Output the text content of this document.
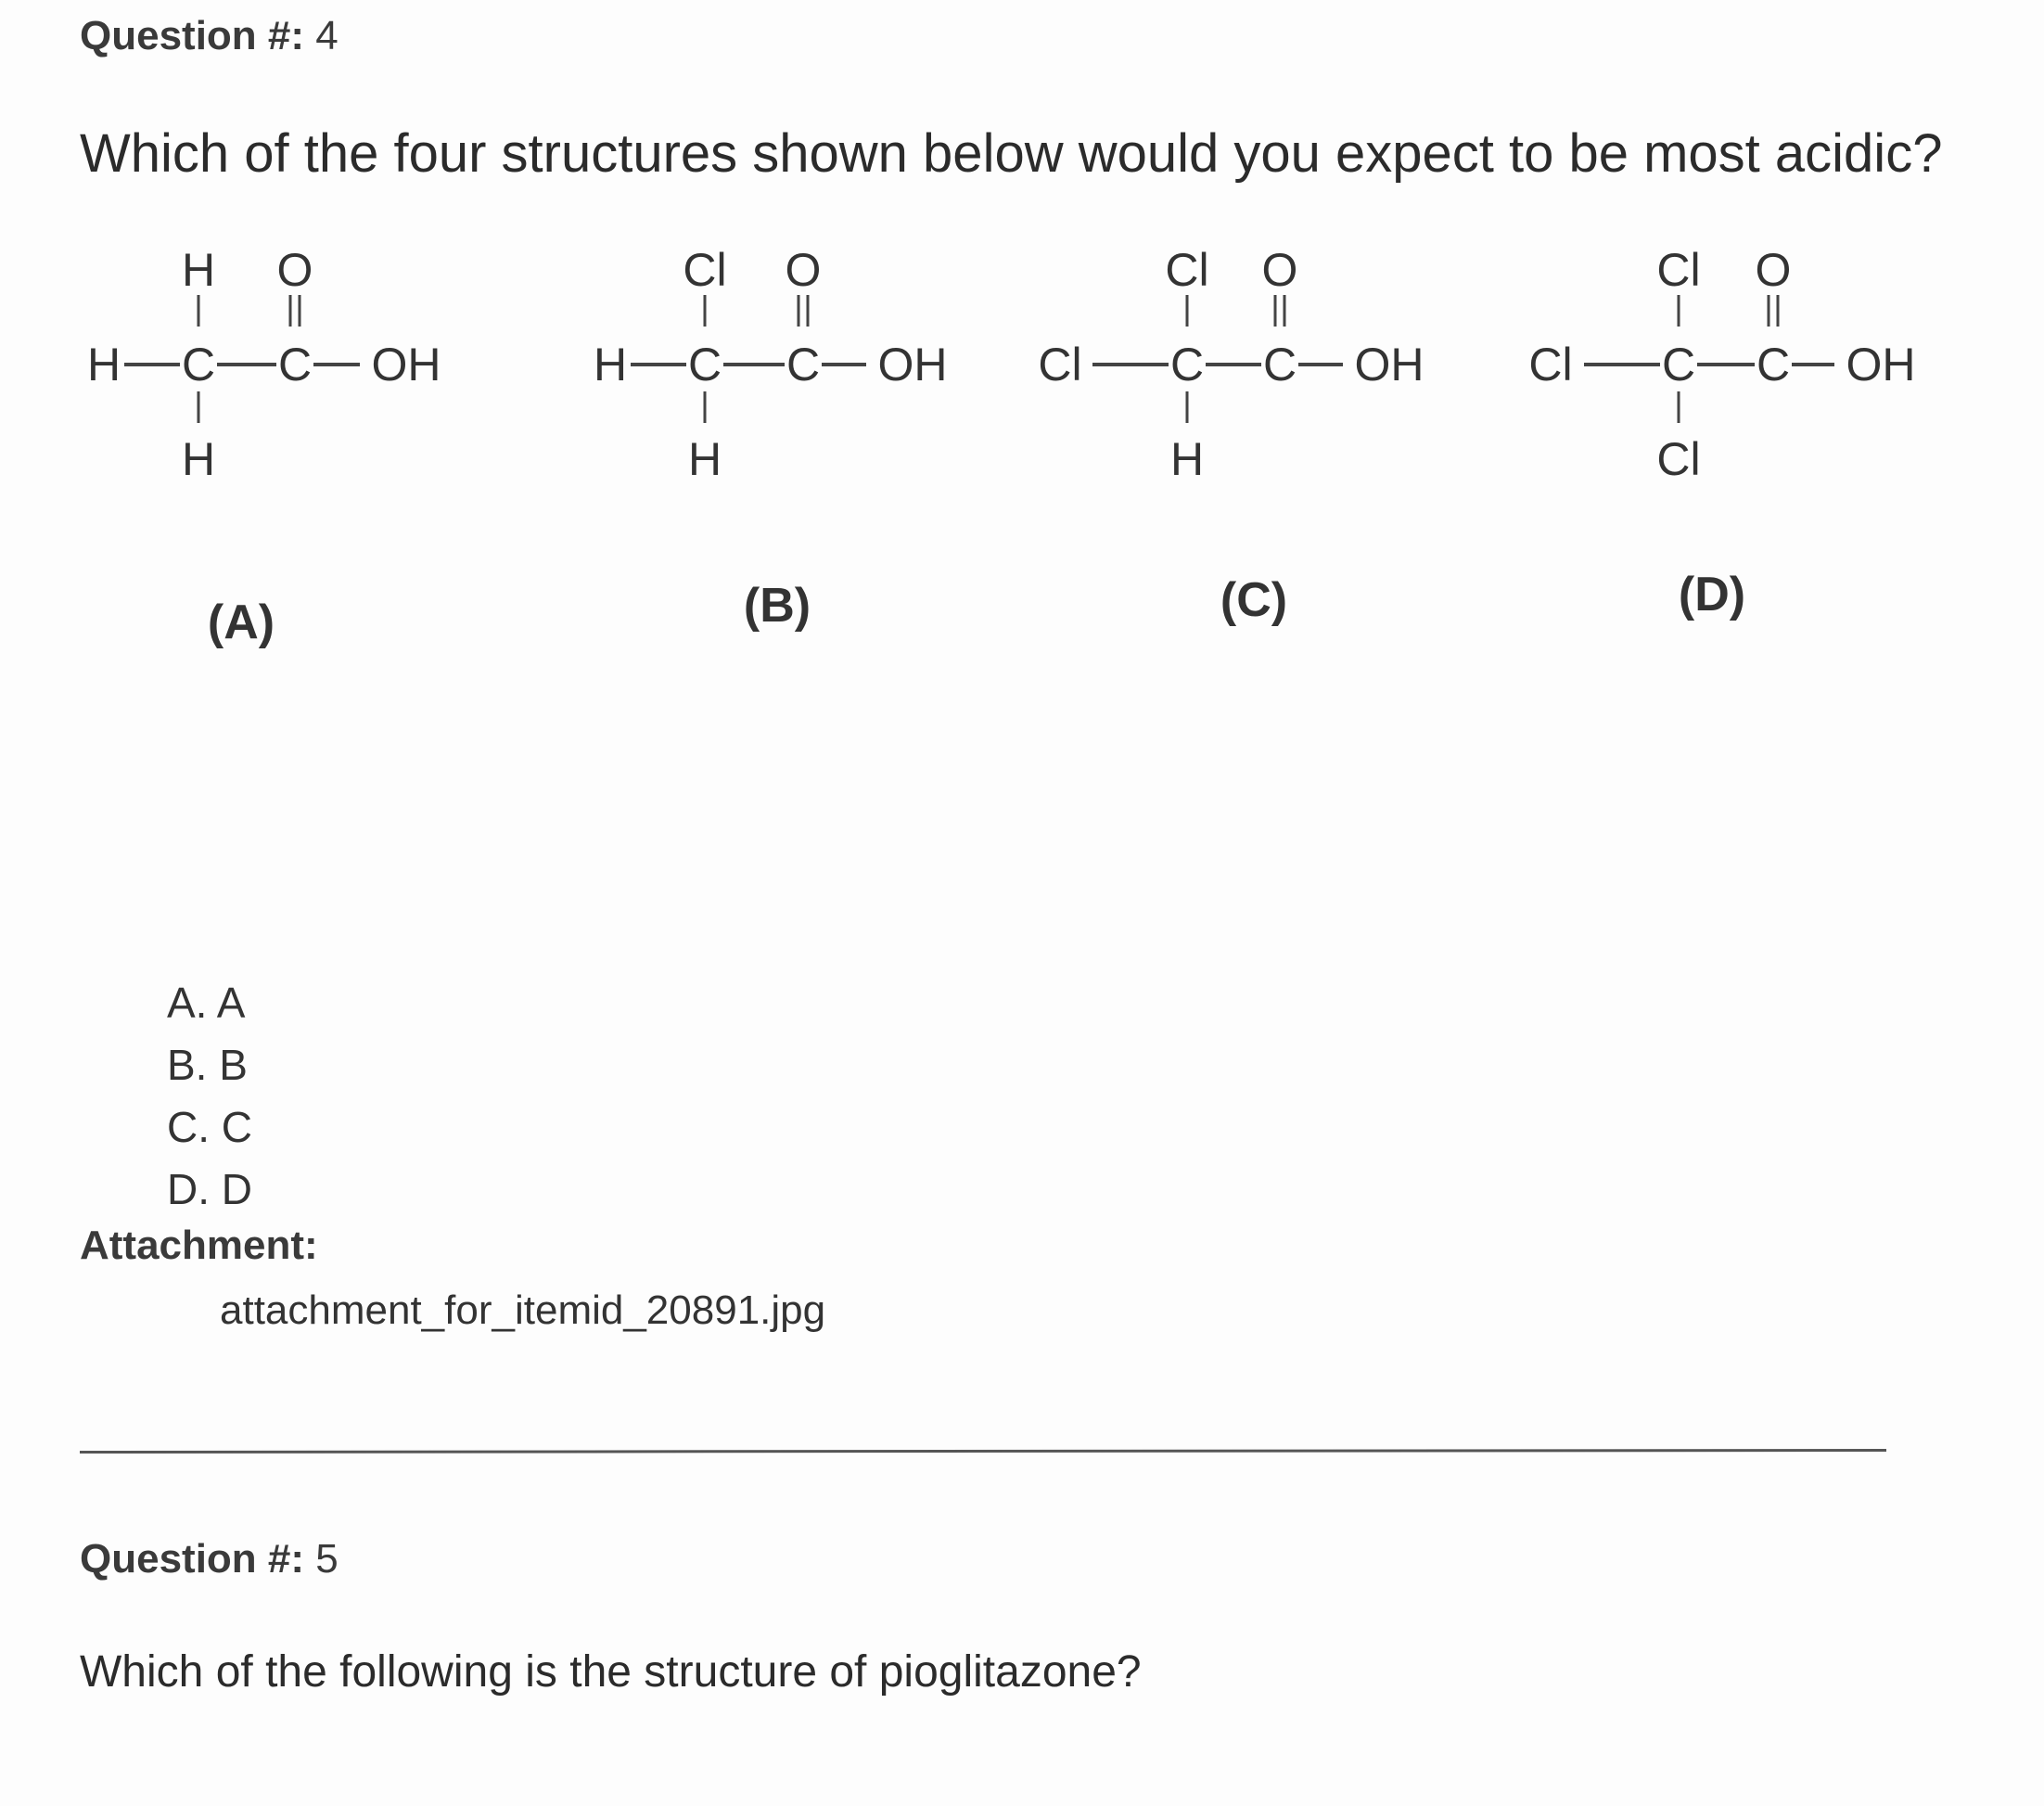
Question #: 4
Which of the four structures shown below would you expect to be most acidic?
H O
H C C OH
H
(A)
Cl O
H C C OH
H
(B)
Cl O
Cl C C OH
H
(C)
Cl O
Cl C C OH
Cl
(D)
A. A
B. B
C. C
D. D
Attachment:
attachment_for_itemid_20891.jpg
Question #: 5
Which of the following is the structure of pioglitazone?
